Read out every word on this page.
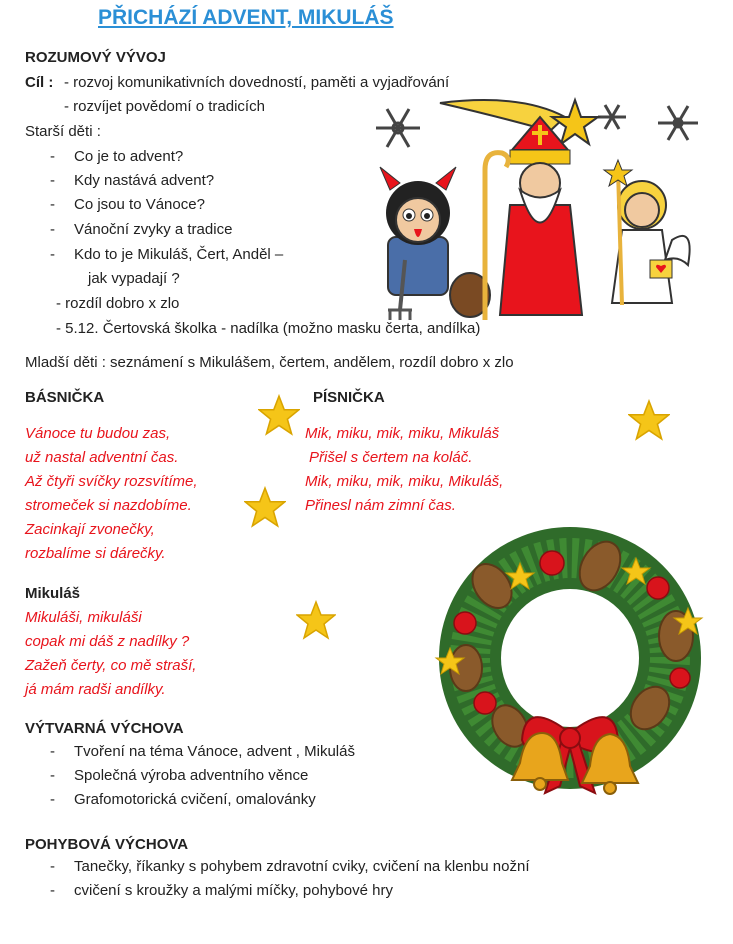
PŘICHÁZÍ ADVENT, MIKULÁŠ
ROZUMOVÝ VÝVOJ
Cíl : - rozvoj komunikativních dovedností, paměti a vyjadřování
- rozvíjet povědomí o tradicích
Starší děti :
- Co je to advent?
- Kdy nastává advent?
- Co jsou to Vánoce?
- Vánoční zvyky a tradice
- Kdo to je Mikuláš, Čert, Anděl –
jak vypadají ?
- rozdíl dobro x zlo
- 5.12. Čertovská školka - nadílka (možno masku čerta, andílka)
Mladší děti : seznámení s Mikulášem, čertem, andělem, rozdíl dobro x zlo
BÁSNIČKA
Vánoce tu budou zas,
už nastal adventní čas.
Až čtyři svíčky rozsvítíme,
stromeček si nazdobíme.
Zacinkají zvonečky,
rozbalíme si dárečky.
PÍSNIČKA
Mik, miku, mik, miku, Mikuláš
Přišel s čertem na koláč.
Mik, miku, mik, miku, Mikuláš,
Přinesl nám zimní čas.
Mikuláš
Mikuláši, mikuláši
copak mi dáš z nadílky ?
Zažeň čerty, co mě straší,
já mám radši andílky.
VÝTVARNÁ VÝCHOVA
- Tvoření na téma Vánoce, advent , Mikuláš
- Společná výroba adventního věnce
- Grafomotorická cvičení, omalovánky
POHYBOVÁ VÝCHOVA
- Tanečky, říkanky s pohybem zdravotní cviky, cvičení na klenbu nožní
- cvičení s kroužky a malými míčky, pohybové hry
